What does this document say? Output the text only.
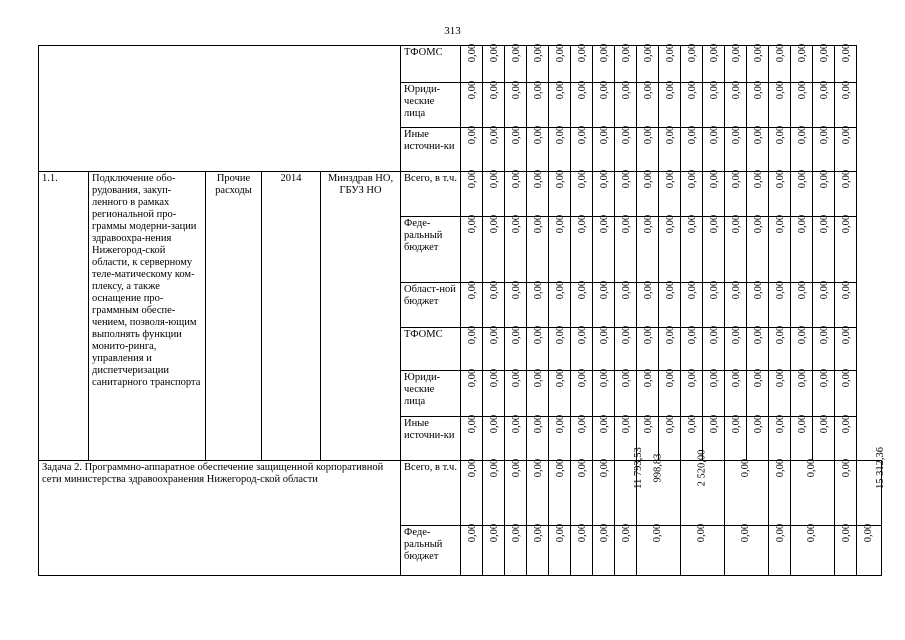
313
					ТФОМС	0,00	0,00	0,00	0,00	0,00	0,00	0,00	0,00	0,00	0,00	0,00	0,00	0,00	0,00	0,00	0,00	0,00	0,00	
					Юриди-ческие лица	0,00	0,00	0,00	0,00	0,00	0,00	0,00	0,00	0,00	0,00	0,00	0,00	0,00	0,00	0,00	0,00	0,00	0,00	
					Иные источни-ки	0,00	0,00	0,00	0,00	0,00	0,00	0,00	0,00	0,00	0,00	0,00	0,00	0,00	0,00	0,00	0,00	0,00	0,00	
1.1.	Подключение обо-рудования, закуп-ленного в рамках региональной про-граммы модерни-зации здравоохра-нения Нижегород-ской области, к серверному теле-матическому ком-плексу, а также оснащение про-граммным обеспе-чением, позволя-ющим выполнять функции монито-ринга, управления и диспетчеризации санитарного транспорта	Прочие расходы	2014	Минздрав НО, ГБУЗ НО	Всего, в т.ч.	0,00	0,00	0,00	0,00	0,00	0,00	0,00	0,00	0,00	0,00	0,00	0,00	0,00	0,00	0,00	0,00	0,00	0,00	
					Феде-ральный бюджет	0,00	0,00	0,00	0,00	0,00	0,00	0,00	0,00	0,00	0,00	0,00	0,00	0,00	0,00	0,00	0,00	0,00	0,00	
					Област-ной бюджет	0,00	0,00	0,00	0,00	0,00	0,00	0,00	0,00	0,00	0,00	0,00	0,00	0,00	0,00	0,00	0,00	0,00	0,00	
					ТФОМС	0,00	0,00	0,00	0,00	0,00	0,00	0,00	0,00	0,00	0,00	0,00	0,00	0,00	0,00	0,00	0,00	0,00	0,00	
					Юриди-ческие лица	0,00	0,00	0,00	0,00	0,00	0,00	0,00	0,00	0,00	0,00	0,00	0,00	0,00	0,00	0,00	0,00	0,00	0,00	
					Иные источни-ки	0,00	0,00	0,00	0,00	0,00	0,00	0,00	0,00	0,00	0,00	0,00	0,00	0,00	0,00	0,00	0,00	0,00	0,00	
Задача 2. Программно-аппаратное обеспечение защищенной корпоративной сети министерства здравоохранения Нижегород-ской области					Всего, в т.ч.	0,00	0,00	0,00	0,00	0,00	0,00	0,00	11 793,53	998,83		2 520,00		0,00		0,00	0,00		0,00	15 312,36
					Феде-ральный бюджет	0,00	0,00	0,00	0,00	0,00	0,00	0,00	0,00	0,00		0,00		0,00		0,00	0,00		0,00	0,00
